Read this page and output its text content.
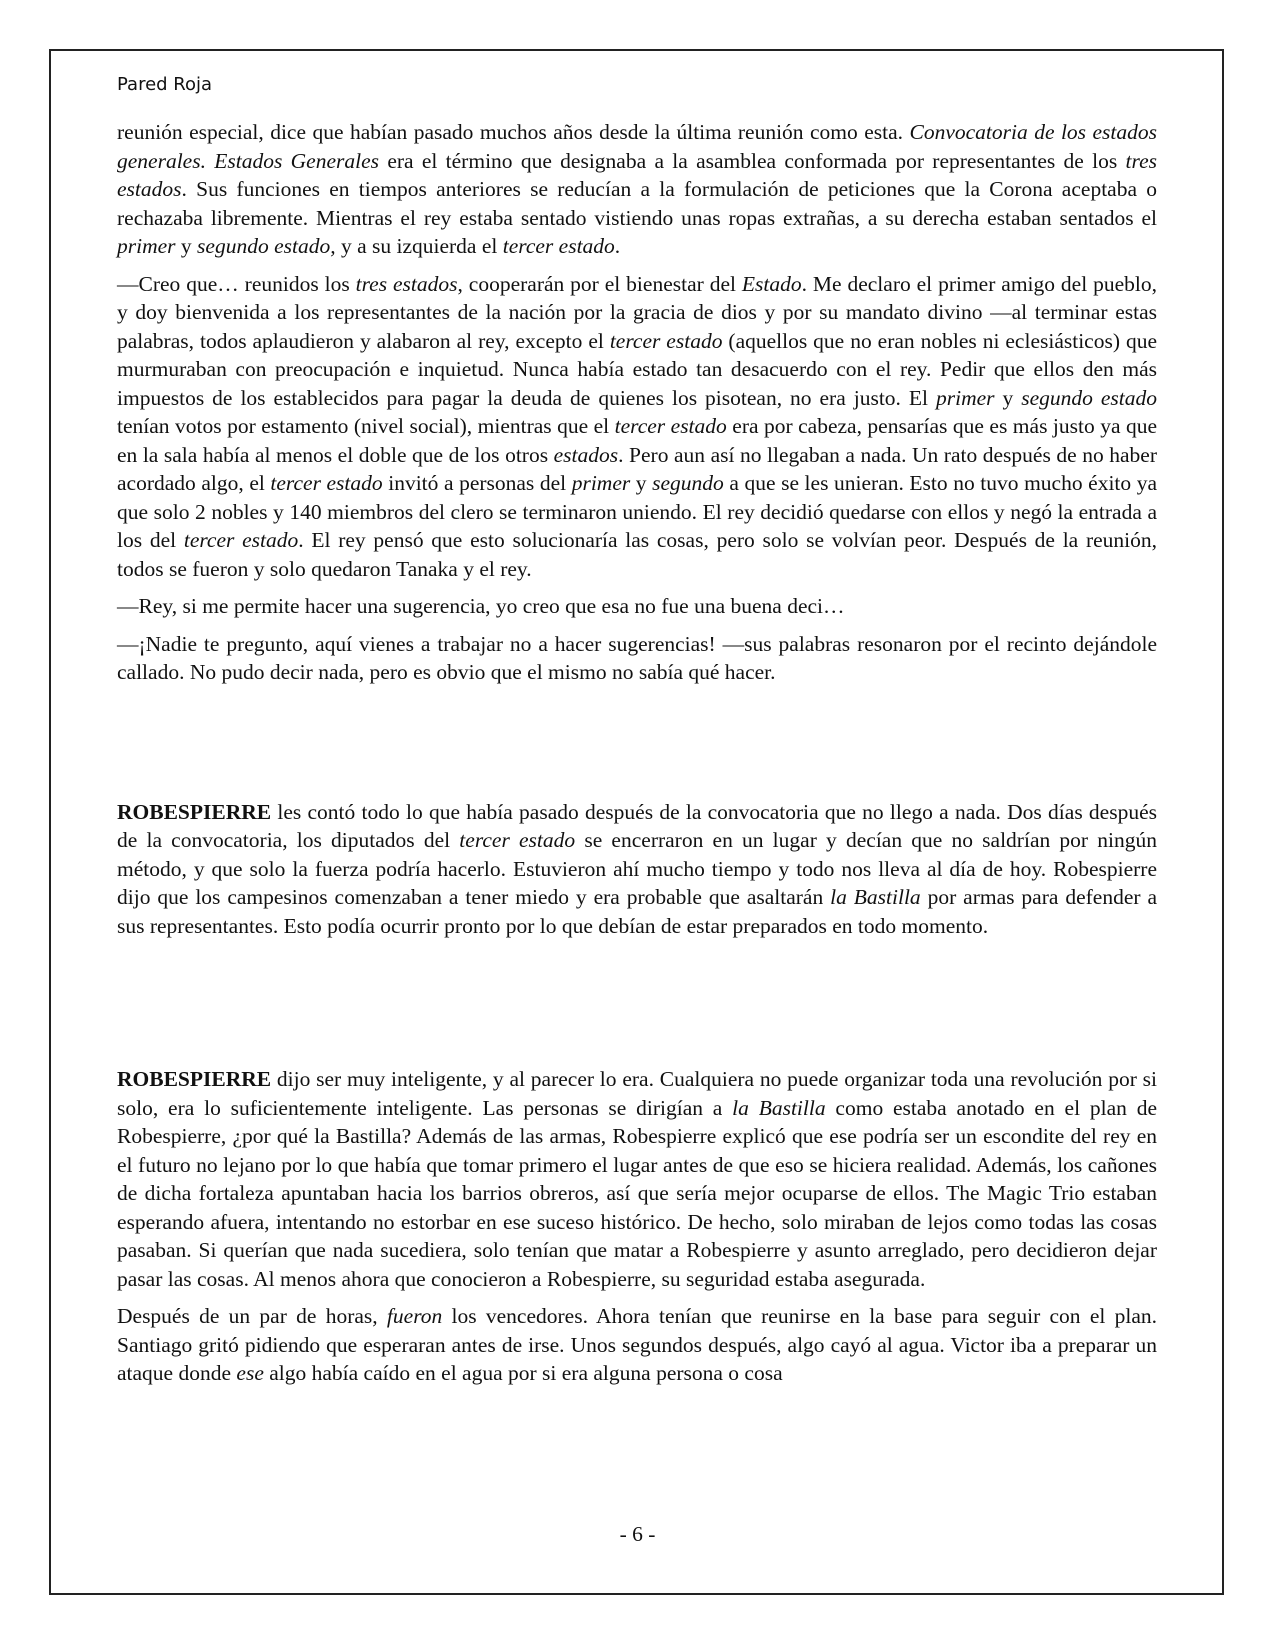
Pared Roja

reunión especial, dice que habían pasado muchos años desde la última reunión como esta. Convocatoria de los estados generales. Estados Generales era el término que designaba a la asamblea conformada por representantes de los tres estados. Sus funciones en tiempos anteriores se reducían a la formulación de peticiones que la Corona aceptaba o rechazaba libremente. Mientras el rey estaba sentado vistiendo unas ropas extrañas, a su derecha estaban sentados el primer y segundo estado, y a su izquierda el tercer estado.

—Creo que… reunidos los tres estados, cooperarán por el bienestar del Estado. Me declaro el primer amigo del pueblo, y doy bienvenida a los representantes de la nación por la gracia de dios y por su mandato divino —al terminar estas palabras, todos aplaudieron y alabaron al rey, excepto el tercer estado (aquellos que no eran nobles ni eclesiásticos) que murmuraban con preocupación e inquietud. Nunca había estado tan desacuerdo con el rey. Pedir que ellos den más impuestos de los establecidos para pagar la deuda de quienes los pisotean, no era justo. El primer y segundo estado tenían votos por estamento (nivel social), mientras que el tercer estado era por cabeza, pensarías que es más justo ya que en la sala había al menos el doble que de los otros estados. Pero aun así no llegaban a nada. Un rato después de no haber acordado algo, el tercer estado invitó a personas del primer y segundo a que se les unieran. Esto no tuvo mucho éxito ya que solo 2 nobles y 140 miembros del clero se terminaron uniendo. El rey decidió quedarse con ellos y negó la entrada a los del tercer estado. El rey pensó que esto solucionaría las cosas, pero solo se volvían peor. Después de la reunión, todos se fueron y solo quedaron Tanaka y el rey.

—Rey, si me permite hacer una sugerencia, yo creo que esa no fue una buena deci…

—¡Nadie te pregunto, aquí vienes a trabajar no a hacer sugerencias! —sus palabras resonaron por el recinto dejándole callado. No pudo decir nada, pero es obvio que el mismo no sabía qué hacer.

ROBESPIERRE les contó todo lo que había pasado después de la convocatoria que no llego a nada. Dos días después de la convocatoria, los diputados del tercer estado se encerraron en un lugar y decían que no saldrían por ningún método, y que solo la fuerza podría hacerlo. Estuvieron ahí mucho tiempo y todo nos lleva al día de hoy. Robespierre dijo que los campesinos comenzaban a tener miedo y era probable que asaltarán la Bastilla por armas para defender a sus representantes. Esto podía ocurrir pronto por lo que debían de estar preparados en todo momento.

ROBESPIERRE dijo ser muy inteligente, y al parecer lo era. Cualquiera no puede organizar toda una revolución por si solo, era lo suficientemente inteligente. Las personas se dirigían a la Bastilla como estaba anotado en el plan de Robespierre, ¿por qué la Bastilla? Además de las armas, Robespierre explicó que ese podría ser un escondite del rey en el futuro no lejano por lo que había que tomar primero el lugar antes de que eso se hiciera realidad. Además, los cañones de dicha fortaleza apuntaban hacia los barrios obreros, así que sería mejor ocuparse de ellos. The Magic Trio estaban esperando afuera, intentando no estorbar en ese suceso histórico. De hecho, solo miraban de lejos como todas las cosas pasaban. Si querían que nada sucediera, solo tenían que matar a Robespierre y asunto arreglado, pero decidieron dejar pasar las cosas. Al menos ahora que conocieron a Robespierre, su seguridad estaba asegurada.

Después de un par de horas, fueron los vencedores. Ahora tenían que reunirse en la base para seguir con el plan. Santiago gritó pidiendo que esperaran antes de irse. Unos segundos después, algo cayó al agua. Victor iba a preparar un ataque donde ese algo había caído en el agua por si era alguna persona o cosa

- 6 -
